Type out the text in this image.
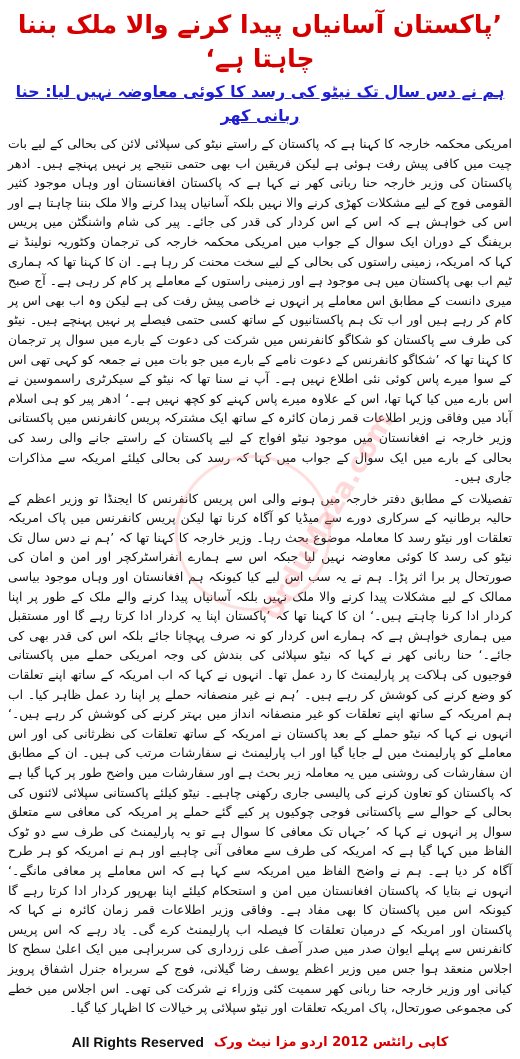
’پاکستان آسانیاں پیدا کرنے والا ملک بننا چاہتا ہے‘
ہم نے دس سال تک نیٹو کی رسد کا کوئی معاوضہ نہیں لیا: حنا ربانی کھر

امریکی محکمہ خارجہ کا کہنا ہے کہ پاکستان کے راستے نیٹو کی سپلائی لائن کی بحالی کے لیے بات چیت میں کافی پیش رفت ہوئی ہے لیکن فریقین اب بھی حتمی نتیجے پر نہیں پہنچے ہیں۔ ادھر پاکستان کی وزیر خارجہ حنا ربانی کھر نے کہا ہے کہ پاکستان افغانستان اور وہاں موجود کثیر القومی فوج کے لیے مشکلات کھڑی کرنے والا نہیں بلکہ آسانیاں پیدا کرنے والا ملک بننا چاہتا ہے اور اس کی خواہش ہے کہ اس کے اس کردار کی قدر کی جائے۔ پیر کی شام واشنگٹن میں پریس بریفنگ کے دوران ایک سوال کے جواب میں امریکی محکمہ خارجہ کی ترجمان وکٹوریہ نولینڈ نے کہا کہ امریکہ، زمینی راستوں کی بحالی کے لیے سخت محنت کر رہا ہے۔ ان کا کہنا تھا کہ ہماری ٹیم اب بھی پاکستان میں ہی موجود ہے اور زمینی راستوں کے معاملے پر کام کر رہی ہے۔ آج صبح میری دانست کے مطابق اس معاملے پر انہوں نے خاصی پیش رفت کی ہے لیکن وہ اب بھی اس پر کام کر رہے ہیں اور اب تک ہم پاکستانیوں کے ساتھ کسی حتمی فیصلے پر نہیں پہنچے ہیں۔ نیٹو کی طرف سے پاکستان کو شکاگو کانفرنس میں شرکت کی دعوت کے بارے میں سوال پر ترجمان کا کہنا تھا کہ ’شکاگو کانفرنس کے دعوت نامے کے بارے میں جو بات میں نے جمعہ کو کہی تھی اس کے سوا میرے پاس کوئی نئی اطلاع نہیں ہے۔ آپ نے سنا تھا کہ نیٹو کے سیکرٹری راسموسین نے اس بارے میں کیا کہا تھا، اس کے علاوہ میرے پاس کہنے کو کچھ نہیں ہے۔‘ ادھر پیر کو ہی اسلام آباد میں وفاقی وزیر اطلاعات قمر زمان کائرہ کے ساتھ ایک مشترکہ پریس کانفرنس میں پاکستانی وزیر خارجہ نے افغانستان میں موجود نیٹو افواج کے لیے پاکستان کے راستے جانے والی رسد کی بحالی کے بارے میں ایک سوال کے جواب میں کہا کہ رسد کی بحالی کیلئے امریکہ سے مذاکرات جاری ہیں۔

تفصیلات کے مطابق دفتر خارجہ میں ہونے والی اس پریس کانفرنس کا ایجنڈا تو وزیر اعظم کے حالیہ برطانیہ کے سرکاری دورے سے میڈیا کو آگاہ کرنا تھا لیکن پریس کانفرنس میں پاک امریکہ تعلقات اور نیٹو رسد کا معاملہ موضوع بحث رہا۔ وزیر خارجہ کا کہنا تھا کہ ’ہم نے دس سال تک نیٹو کی رسد کا کوئی معاوضہ نہیں لیا جبکہ اس سے ہمارے انفراسٹرکچر اور امن و امان کی صورتحال پر برا اثر پڑا۔ ہم نے یہ سب اس لیے کیا کیونکہ ہم افغانستان اور وہاں موجود بیاسی ممالک کے لیے مشکلات پیدا کرنے والا ملک نہیں بلکہ آسانیاں پیدا کرنے والے ملک کے طور پر اپنا کردار ادا کرنا چاہتے ہیں۔‘ ان کا کہنا تھا کہ ’پاکستان اپنا یہ کردار ادا کرتا رہے گا اور مستقبل میں ہماری خواہش ہے کہ ہمارے اس کردار کو نہ صرف پہچانا جائے بلکہ اس کی قدر بھی کی جائے۔‘ حنا ربانی کھر نے کہا کہ نیٹو سپلائی کی بندش کی وجہ امریکی حملے میں پاکستانی فوجیوں کی ہلاکت پر پارلیمنٹ کا رد عمل تھا۔ انہوں نے کہا کہ اب امریکہ کے ساتھ اپنے تعلقات کو وضع کرنے کی کوشش کر رہے ہیں۔ ’ہم نے غیر منصفانہ حملے پر اپنا رد عمل ظاہر کیا۔ اب ہم امریکہ کے ساتھ اپنے تعلقات کو غیر منصفانہ انداز میں بہتر کرنے کی کوشش کر رہے ہیں۔‘ انہوں نے کہا کہ نیٹو حملے کے بعد پاکستان نے امریکہ کے ساتھ تعلقات کی نظرثانی کی اور اس معاملے کو پارلیمنٹ میں لے جایا گیا اور اب پارلیمنٹ نے سفارشات مرتب کی ہیں۔ ان کے مطابق ان سفارشات کی روشنی میں یہ معاملہ زیر بحث ہے اور سفارشات میں واضح طور پر کہا گیا ہے کہ پاکستان کو تعاون کرنے کی پالیسی جاری رکھنی چاہیے۔ نیٹو کیلئے پاکستانی سپلائی لائنوں کی بحالی کے حوالے سے پاکستانی فوجی چوکیوں پر کیے گئے حملے پر امریکہ کی معافی سے متعلق سوال پر انہوں نے کہا کہ ’جہاں تک معافی کا سوال ہے تو یہ پارلیمنٹ کی طرف سے دو ٹوک الفاظ میں کہا گیا ہے کہ امریکہ کی طرف سے معافی آنی چاہیے اور ہم نے امریکہ کو ہر طرح آگاہ کر دیا ہے۔ ہم نے واضح الفاظ میں امریکہ سے کہا ہے کہ اس معاملے پر معافی مانگے۔‘ انہوں نے بتایا کہ پاکستان افغانستان میں امن و استحکام کیلئے اپنا بھرپور کردار ادا کرتا رہے گا کیونکہ اس میں پاکستان کا بھی مفاد ہے۔ وفاقی وزیر اطلاعات قمر زمان کائرہ نے کہا کہ پاکستان اور امریکہ کے درمیان تعلقات کا فیصلہ اب پارلیمنٹ کرے گی۔ یاد رہے کہ اس پریس کانفرنس سے پہلے ایوان صدر میں صدر آصف علی زرداری کی سربراہی میں ایک اعلیٰ سطح کا اجلاس منعقد ہوا جس میں وزیر اعظم یوسف رضا گیلانی، فوج کے سربراہ جنرل اشفاق پرویز کیانی اور وزیر خارجہ حنا ربانی کھر سمیت کئی وزراء نے شرکت کی تھی۔ اس اجلاس میں خطے کی مجموعی صورتحال، پاک امریکہ تعلقات اور نیٹو سپلائی پر خیالات کا اظہار کیا گیا۔

UrduMaza.com
All Rights Reserved کاپی رائٹس 2012 اردو مزا نیٹ ورک
